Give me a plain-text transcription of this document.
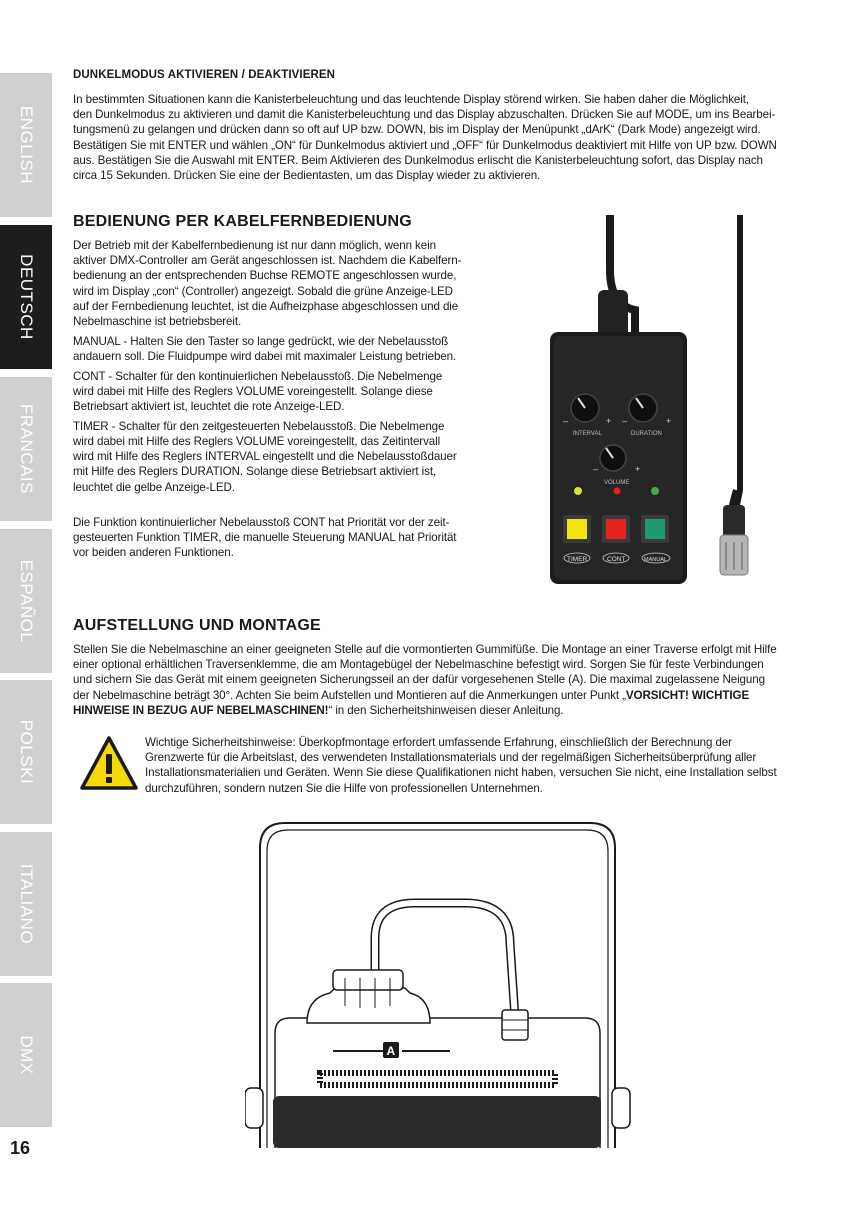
ENGLISH
DEUTSCH
FRANCAIS
ESPAÑOL
POLSKI
ITALIANO
DMX
16
DUNKELMODUS AKTIVIEREN / DEAKTIVIEREN
In bestimmten Situationen kann die Kanisterbeleuchtung und das leuchtende Display störend wirken. Sie haben daher die Möglichkeit,
den Dunkelmodus zu aktivieren und damit die Kanisterbeleuchtung und das Display abzuschalten. Drücken Sie auf MODE, um ins Bearbei-
tungsmenü zu gelangen und drücken dann so oft auf UP bzw. DOWN, bis im Display der Menüpunkt „dArK“ (Dark Mode) angezeigt wird.
Bestätigen Sie mit ENTER und wählen „ON“ für Dunkelmodus aktiviert und „OFF“ für Dunkelmodus deaktiviert mit Hilfe von UP bzw. DOWN
aus. Bestätigen Sie die Auswahl mit ENTER. Beim Aktivieren des Dunkelmodus erlischt die Kanisterbeleuchtung sofort, das Display nach
circa 15 Sekunden. Drücken Sie eine der Bedientasten, um das Display wieder zu aktivieren.
BEDIENUNG PER KABELFERNBEDIENUNG

Der Betrieb mit der Kabelfernbedienung ist nur dann möglich, wenn kein
aktiver DMX-Controller am Gerät angeschlossen ist. Nachdem die Kabelfern-
bedienung an der entsprechenden Buchse REMOTE angeschlossen wurde,
wird im Display „con“ (Controller) angezeigt. Sobald die grüne Anzeige-LED
auf der Fernbedienung leuchtet, ist die Aufheizphase abgeschlossen und die
Nebelmaschine ist betriebsbereit.

MANUAL - Halten Sie den Taster so lange gedrückt, wie der Nebelausstoß
andauern soll. Die Fluidpumpe wird dabei mit maximaler Leistung betrieben.

CONT - Schalter für den kontinuierlichen Nebelausstoß. Die Nebelmenge
wird dabei mit Hilfe des Reglers VOLUME voreingestellt. Solange diese
Betriebsart aktiviert ist, leuchtet die rote Anzeige-LED.

TIMER - Schalter für den zeitgesteuerten Nebelausstoß. Die Nebelmenge
wird dabei mit Hilfe des Reglers VOLUME voreingestellt, das Zeitintervall
wird mit Hilfe des Reglers INTERVAL eingestellt und die Nebelausstoßdauer
mit Hilfe des Reglers DURATION. Solange diese Betriebsart aktiviert ist,
leuchtet die gelbe Anzeige-LED.

Die Funktion kontinuierlicher Nebelausstoß CONT hat Priorität vor der zeit-
gesteuerten Funktion TIMER, die manuelle Steuerung MANUAL hat Priorität
vor beiden anderen Funktionen.

–	+ –	+
INTERVAL	DURATION
–	+
VOLUME
TIMER	CONT	MANUAL
AUFSTELLUNG UND MONTAGE
Stellen Sie die Nebelmaschine an einer geeigneten Stelle auf die vormontierten Gummifüße. Die Montage an einer Traverse erfolgt mit Hilfe
einer optional erhältlichen Traversenklemme, die am Montagebügel der Nebelmaschine befestigt wird. Sorgen Sie für feste Verbindungen
und sichern Sie das Gerät mit einem geeigneten Sicherungsseil an der dafür vorgesehenen Stelle (A). Die maximal zugelassene Neigung
der Nebelmaschine beträgt 30°. Achten Sie beim Aufstellen und Montieren auf die Anmerkungen unter Punkt „VORSICHT! WICHTIGE
HINWEISE IN BEZUG AUF NEBELMASCHINEN!“ in den Sicherheitshinweisen dieser Anleitung.
Wichtige Sicherheitshinweise: Überkopfmontage erfordert umfassende Erfahrung, einschließlich der Berechnung der
Grenzwerte für die Arbeitslast, des verwendeten Installationsmaterials und der regelmäßigen Sicherheitsüberprüfung aller
Installationsmaterialien und Geräten. Wenn Sie diese Qualifikationen nicht haben, versuchen Sie nicht, eine Installation selbst
durchzuführen, sondern nutzen Sie die Hilfe von professionellen Unternehmen.
A
